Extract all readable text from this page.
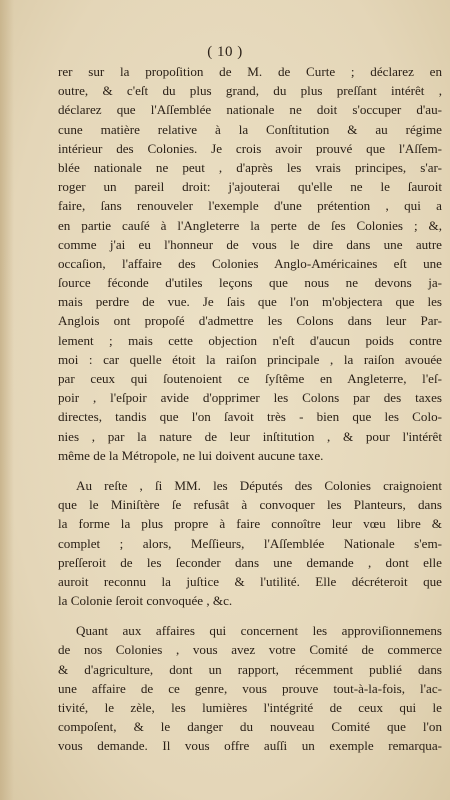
( 10 )
rer sur la propoſition de M. de Curte ; déclarez en
outre, & c'eſt du plus grand, du plus preſſant intérêt ,
déclarez que l'Aſſemblée nationale ne doit s'occuper d'au-
cune matière relative à la Conſtitution & au régime
intérieur des Colonies. Je crois avoir prouvé que l'Aſſem-
blée nationale ne peut , d'après les vrais principes, s'ar-
roger un pareil droit: j'ajouterai qu'elle ne le ſauroit
faire, ſans renouveler l'exemple d'une prétention , qui a
en partie cauſé à l'Angleterre la perte de ſes Colonies ; &,
comme j'ai eu l'honneur de vous le dire dans une autre
occaſion, l'affaire des Colonies Anglo-Américaines eſt une
ſource féconde d'utiles leçons que nous ne devons ja-
mais perdre de vue. Je ſais que l'on m'objectera que les
Anglois ont propoſé d'admettre les Colons dans leur Par-
lement ; mais cette objection n'eſt d'aucun poids contre
moi : car quelle étoit la raiſon principale , la raiſon avouée
par ceux qui ſoutenoient ce ſyſtême en Angleterre, l'eſ-
poir , l'eſpoir avide d'opprimer les Colons par des taxes
directes, tandis que l'on ſavoit très - bien que les Colo-
nies , par la nature de leur inſtitution , & pour l'intérêt
même de la Métropole, ne lui doivent aucune taxe.
Au reſte , ſi MM. les Députés des Colonies craignoient
que le Miniſtère ſe refusât à convoquer les Planteurs, dans
la forme la plus propre à faire connoître leur vœu libre &
complet ; alors, Meſſieurs, l'Aſſemblée Nationale s'em-
preſſeroit de les ſeconder dans une demande , dont elle
auroit reconnu la juſtice & l'utilité. Elle décréteroit que
la Colonie ſeroit convoquée , &c.
Quant aux affaires qui concernent les approviſionnemens
de nos Colonies , vous avez votre Comité de commerce
& d'agriculture, dont un rapport, récemment publié dans
une affaire de ce genre, vous prouve tout-à-la-fois, l'ac-
tivité, le zèle, les lumières l'intégrité de ceux qui le
compoſent, & le danger du nouveau Comité que l'on
vous demande. Il vous offre auſſi un exemple remarqua-
